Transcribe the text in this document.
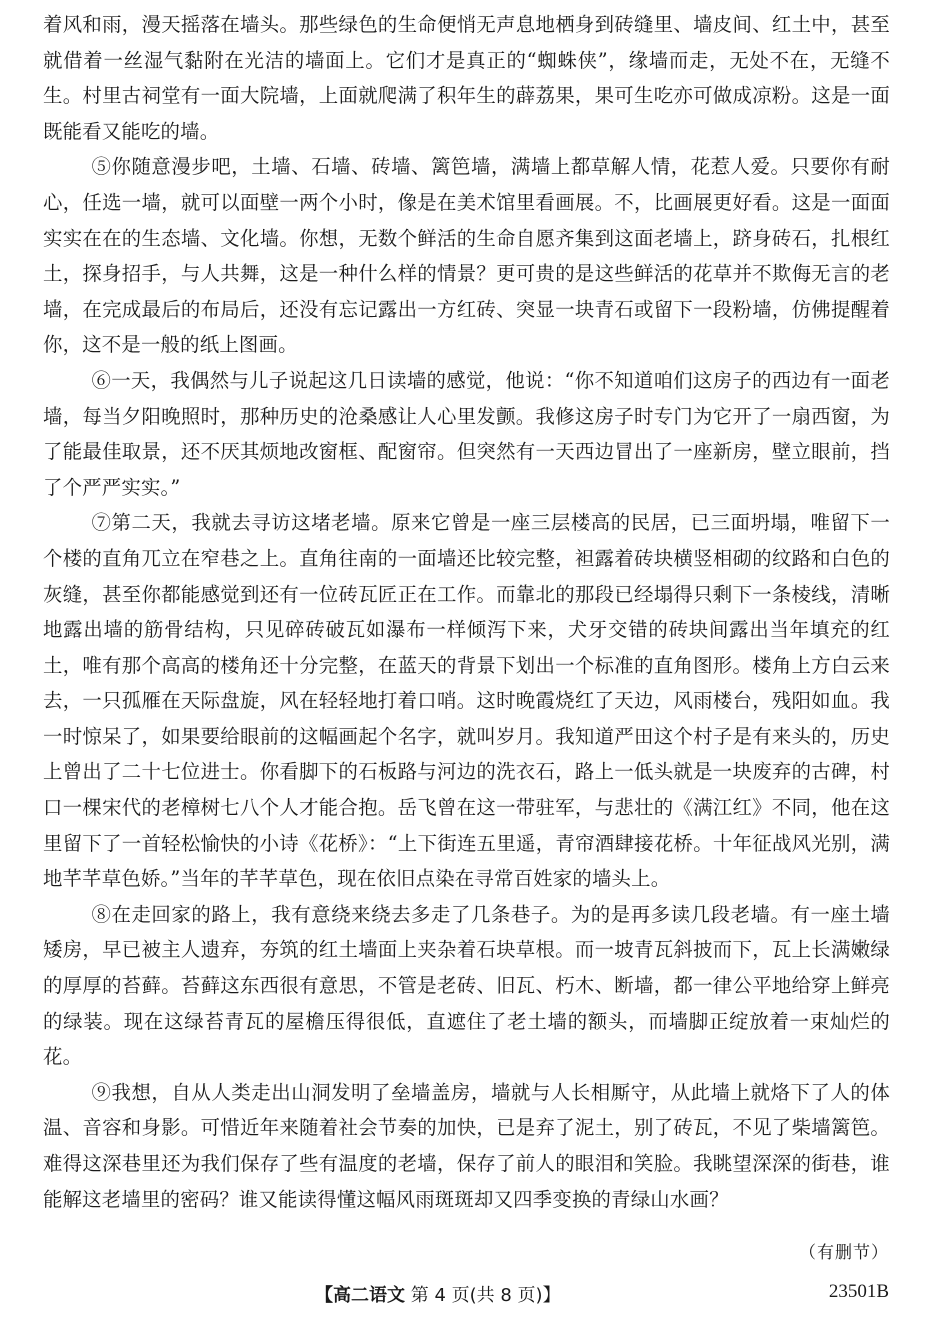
着风和雨，漫天摇落在墙头。那些绿色的生命便悄无声息地栖身到砖缝里、墙皮间、红土中，甚至就借着一丝湿气黏附在光洁的墙面上。它们才是真正的“蜘蛛侠”，缘墙而走，无处不在，无缝不生。村里古祠堂有一面大院墙，上面就爬满了积年生的薜荔果，果可生吃亦可做成凉粉。这是一面既能看又能吃的墙。

⑤你随意漫步吧，土墙、石墙、砖墙、篱笆墙，满墙上都草解人情，花惹人爱。只要你有耐心，任选一墙，就可以面壁一两个小时，像是在美术馆里看画展。不，比画展更好看。这是一面面实实在在的生态墙、文化墙。你想，无数个鲜活的生命自愿齐集到这面老墙上，跻身砖石，扎根红土，探身招手，与人共舞，这是一种什么样的情景？更可贵的是这些鲜活的花草并不欺侮无言的老墙，在完成最后的布局后，还没有忘记露出一方红砖、突显一块青石或留下一段粉墙，仿佛提醒着你，这不是一般的纸上图画。

⑥一天，我偶然与儿子说起这几日读墙的感觉，他说：“你不知道咱们这房子的西边有一面老墙，每当夕阳晚照时，那种历史的沧桑感让人心里发颤。我修这房子时专门为它开了一扇西窗，为了能最佳取景，还不厌其烦地改窗框、配窗帘。但突然有一天西边冒出了一座新房，壁立眼前，挡了个严严实实。”

⑦第二天，我就去寻访这堵老墙。原来它曾是一座三层楼高的民居，已三面坍塌，唯留下一个楼的直角兀立在窄巷之上。直角往南的一面墙还比较完整，袒露着砖块横竖相砌的纹路和白色的灰缝，甚至你都能感觉到还有一位砖瓦匠正在工作。而靠北的那段已经塌得只剩下一条棱线，清晰地露出墙的筋骨结构，只见碎砖破瓦如瀑布一样倾泻下来，犬牙交错的砖块间露出当年填充的红土，唯有那个高高的楼角还十分完整，在蓝天的背景下划出一个标准的直角图形。楼角上方白云来去，一只孤雁在天际盘旋，风在轻轻地打着口哨。这时晚霞烧红了天边，风雨楼台，残阳如血。我一时惊呆了，如果要给眼前的这幅画起个名字，就叫岁月。我知道严田这个村子是有来头的，历史上曾出了二十七位进士。你看脚下的石板路与河边的洗衣石，路上一低头就是一块废弃的古碑，村口一棵宋代的老樟树七八个人才能合抱。岳飞曾在这一带驻军，与悲壮的《满江红》不同，他在这里留下了一首轻松愉快的小诗《花桥》：“上下街连五里遥，青帘酒肆接花桥。十年征战风光别，满地芊芊草色娇。”当年的芊芊草色，现在依旧点染在寻常百姓家的墙头上。

⑧在走回家的路上，我有意绕来绕去多走了几条巷子。为的是再多读几段老墙。有一座土墙矮房，早已被主人遗弃，夯筑的红土墙面上夹杂着石块草根。而一坡青瓦斜披而下，瓦上长满嫩绿的厚厚的苔藓。苔藓这东西很有意思，不管是老砖、旧瓦、朽木、断墙，都一律公平地给穿上鲜亮的绿装。现在这绿苔青瓦的屋檐压得很低，直遮住了老土墙的额头，而墙脚正绽放着一束灿烂的花。

⑨我想，自从人类走出山洞发明了垒墙盖房，墙就与人长相厮守，从此墙上就烙下了人的体温、音容和身影。可惜近年来随着社会节奏的加快，已是弃了泥土，别了砖瓦，不见了柴墙篱笆。难得这深巷里还为我们保存了些有温度的老墙，保存了前人的眼泪和笑脸。我眺望深深的街巷，谁能解这老墙里的密码？谁又能读得懂这幅风雨斑斑却又四季变换的青绿山水画？

（有删节）
【高二语文 第 4 页(共 8 页)】	23501B
